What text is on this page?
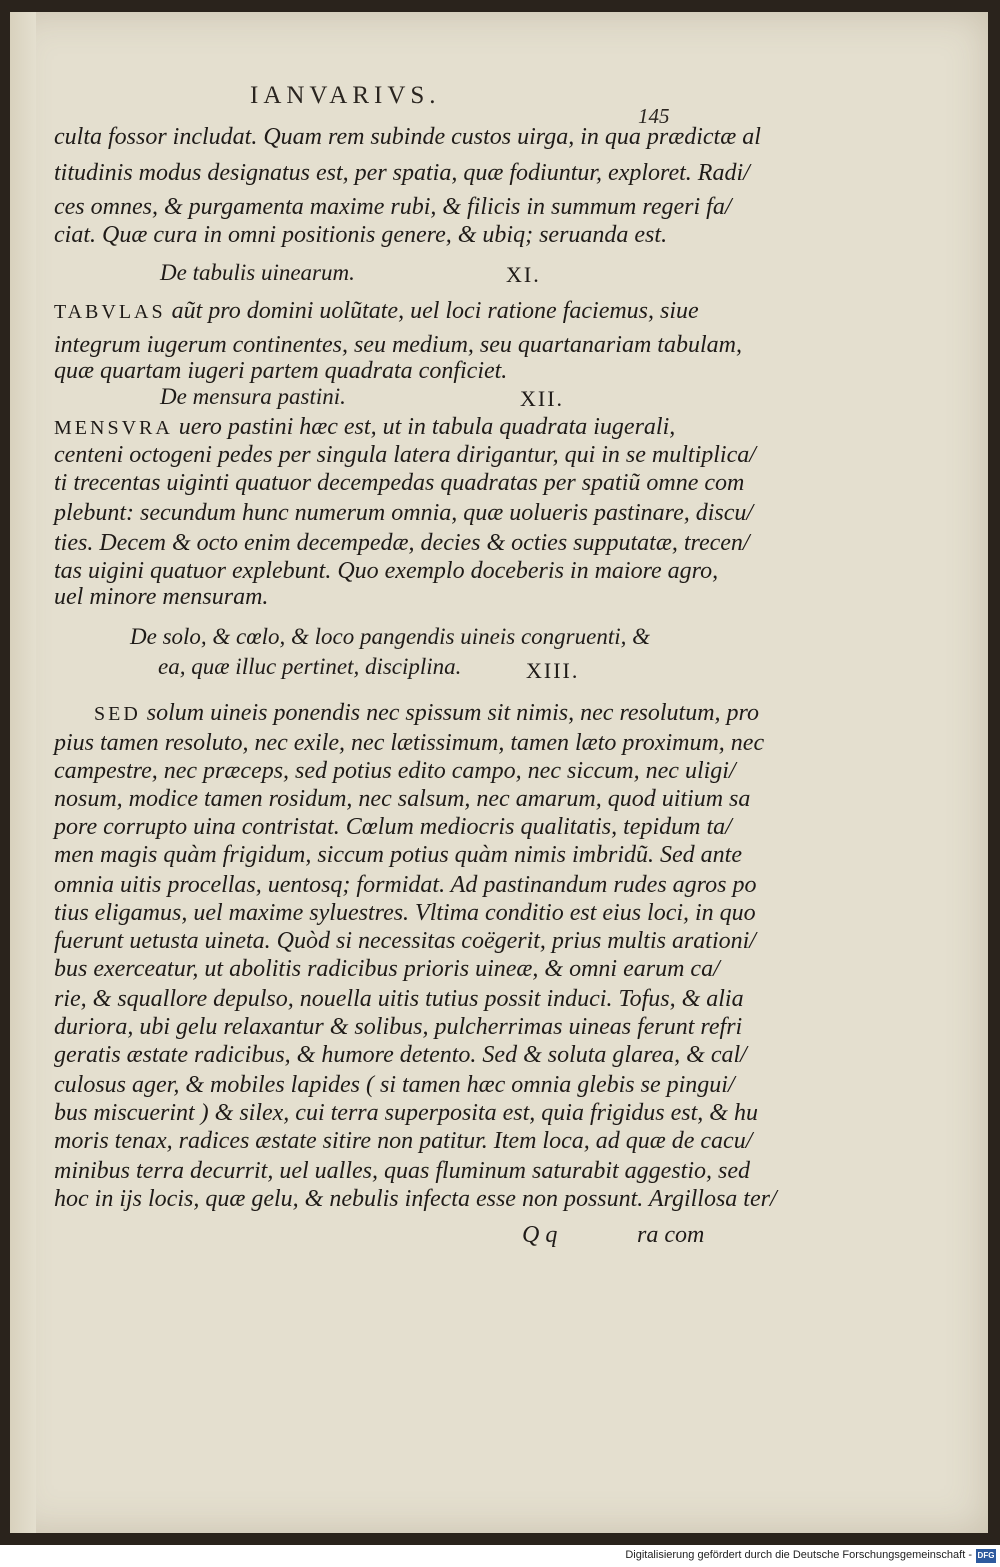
IANVARIVS.
145

culta fossor includat. Quam rem subinde custos uirga, in qua prædictæ al

titudinis modus designatus est, per spatia, quæ fodiuntur, exploret. Radi/

ces omnes, & purgamenta maxime rubi, & filicis in summum regeri fa/

ciat. Quæ cura in omni positionis genere, & ubiq; seruanda est.

De tabulis uinearum.	XI.

TABVLAS aũt pro domini uolũtate, uel loci ratione faciemus, siue

integrum iugerum continentes, seu medium, seu quartanariam tabulam,

quæ quartam iugeri partem quadrata conficiet.

De mensura pastini.	XII.

MENSVRA uero pastini hæc est, ut in tabula quadrata iugerali,

centeni octogeni pedes per singula latera dirigantur, qui in se multiplica/

ti trecentas uiginti quatuor decempedas quadratas per spatiũ omne com

plebunt: secundum hunc numerum omnia, quæ uolueris pastinare, discu/

ties. Decem & octo enim decempedæ, decies & octies supputatæ, trecen/

tas uigini quatuor explebunt. Quo exemplo doceberis in maiore agro,

uel minore mensuram.

De solo, & cœlo, & loco pangendis uineis congruenti, &

ea, quæ illuc pertinet, disciplina.	XIII.

SED solum uineis ponendis nec spissum sit nimis, nec resolutum, pro

pius tamen resoluto, nec exile, nec lætissimum, tamen læto proximum, nec

campestre, nec præceps, sed potius edito campo, nec siccum, nec uligi/

nosum, modice tamen rosidum, nec salsum, nec amarum, quod uitium sa

pore corrupto uina contristat. Cœlum mediocris qualitatis, tepidum ta/

men magis quàm frigidum, siccum potius quàm nimis imbridũ. Sed ante

omnia uitis procellas, uentosq; formidat. Ad pastinandum rudes agros po

tius eligamus, uel maxime syluestres. Vltima conditio est eius loci, in quo

fuerunt uetusta uineta. Quòd si necessitas coëgerit, prius multis arationi/

bus exerceatur, ut abolitis radicibus prioris uineæ, & omni earum ca/

rie, & squallore depulso, nouella uitis tutius possit induci. Tofus, & alia

duriora, ubi gelu relaxantur & solibus, pulcherrimas uineas ferunt refri

geratis æstate radicibus, & humore detento. Sed & soluta glarea, & cal/

culosus ager, & mobiles lapides ( si tamen hæc omnia glebis se pingui/

bus miscuerint ) & silex, cui terra superposita est, quia frigidus est, & hu

moris tenax, radices æstate sitire non patitur. Item loca, ad quæ de cacu/

minibus terra decurrit, uel ualles, quas fluminum saturabit aggestio, sed

hoc in ijs locis, quæ gelu, & nebulis infecta esse non possunt. Argillosa ter/

Q q	ra com
Digitalisierung gefördert durch die Deutsche Forschungsgemeinschaft - DFG
